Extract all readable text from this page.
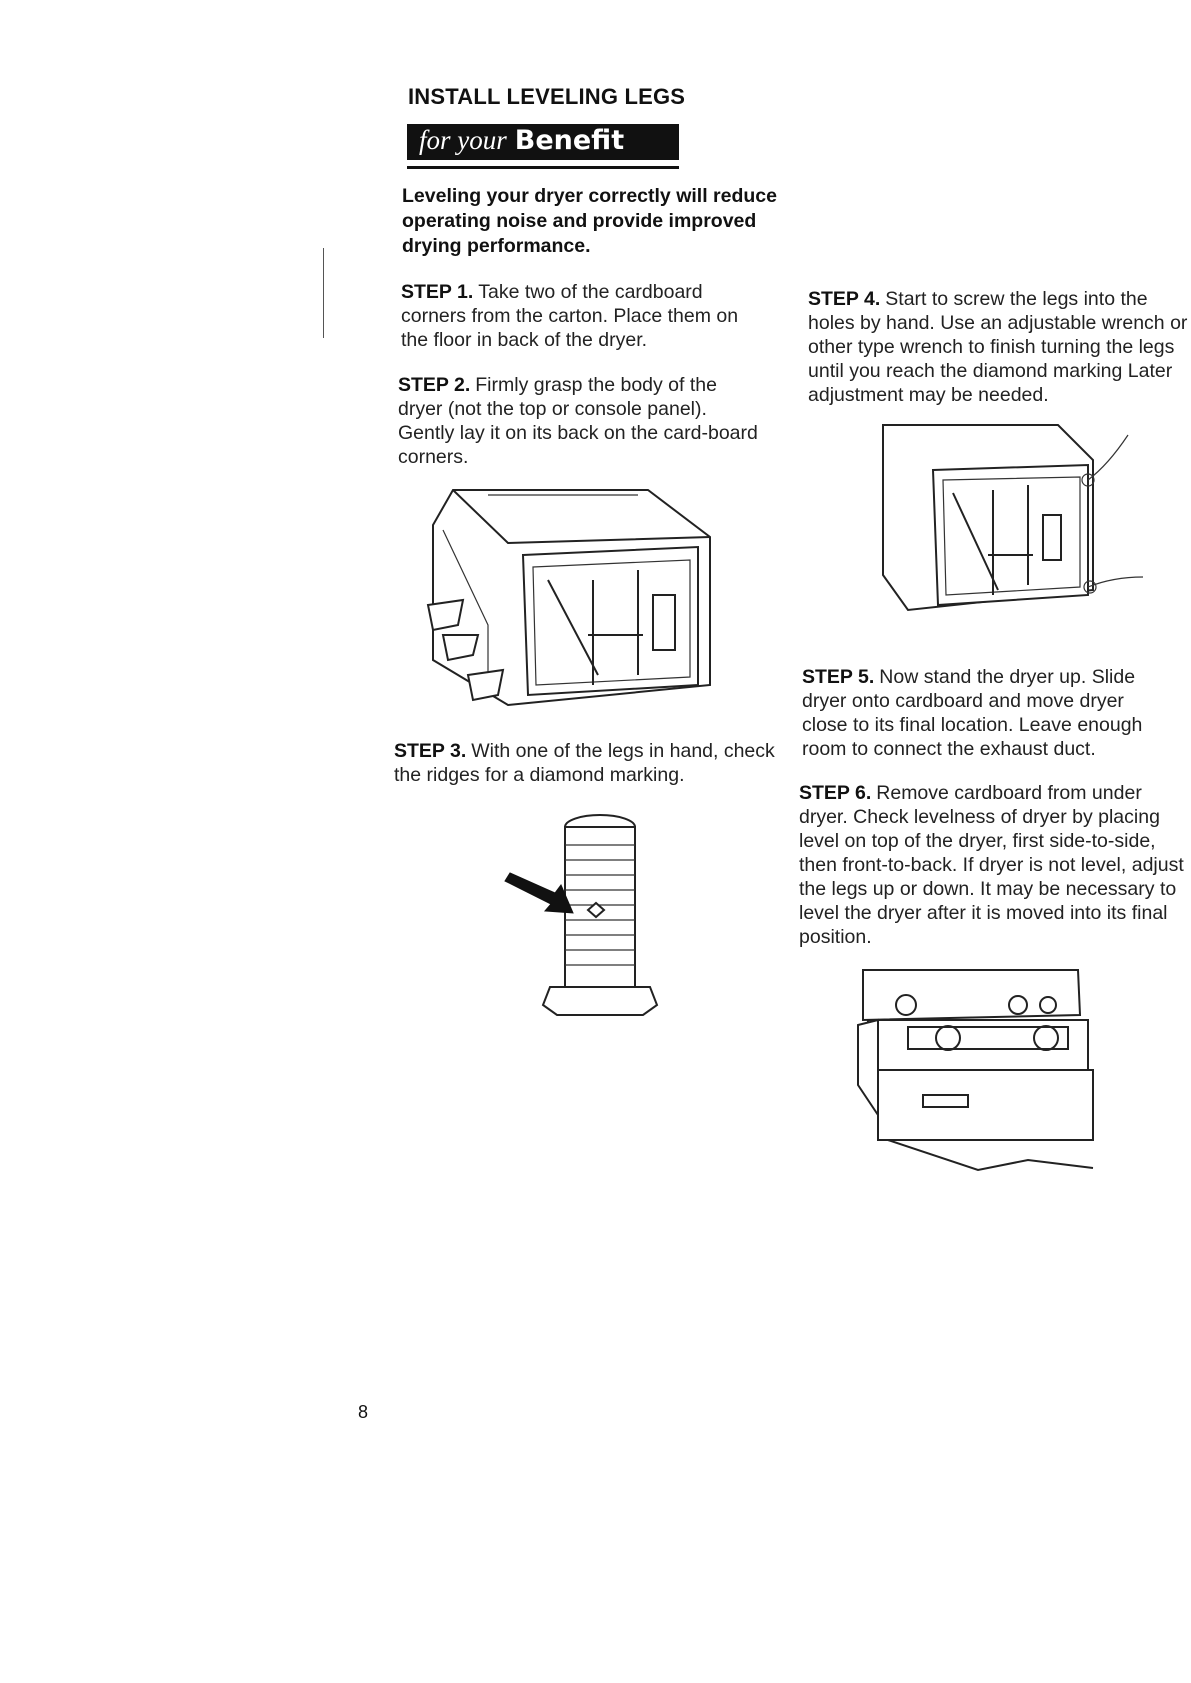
INSTALL LEVELING LEGS
for your Benefit
Leveling your dryer correctly will reduce operating noise and provide improved drying performance.
STEP 1. Take two of the cardboard corners from the carton. Place them on the floor in back of the dryer.
STEP 2. Firmly grasp the body of the dryer (not the top or console panel). Gently lay it on its back on the card-board corners.
STEP 3. With one of the legs in hand, check the ridges for a diamond marking.
STEP 4. Start to screw the legs into the holes by hand. Use an adjustable wrench or other type wrench to finish turning the legs until you reach the diamond marking Later adjustment may be needed.
STEP 5. Now stand the dryer up. Slide dryer onto cardboard and move dryer close to its final location. Leave enough room to connect the exhaust duct.
STEP 6. Remove cardboard from under dryer. Check levelness of dryer by placing level on top of the dryer, first side-to-side, then front-to-back. If dryer is not level, adjust the legs up or down. It may be necessary to level the dryer after it is moved into its final position.
8
